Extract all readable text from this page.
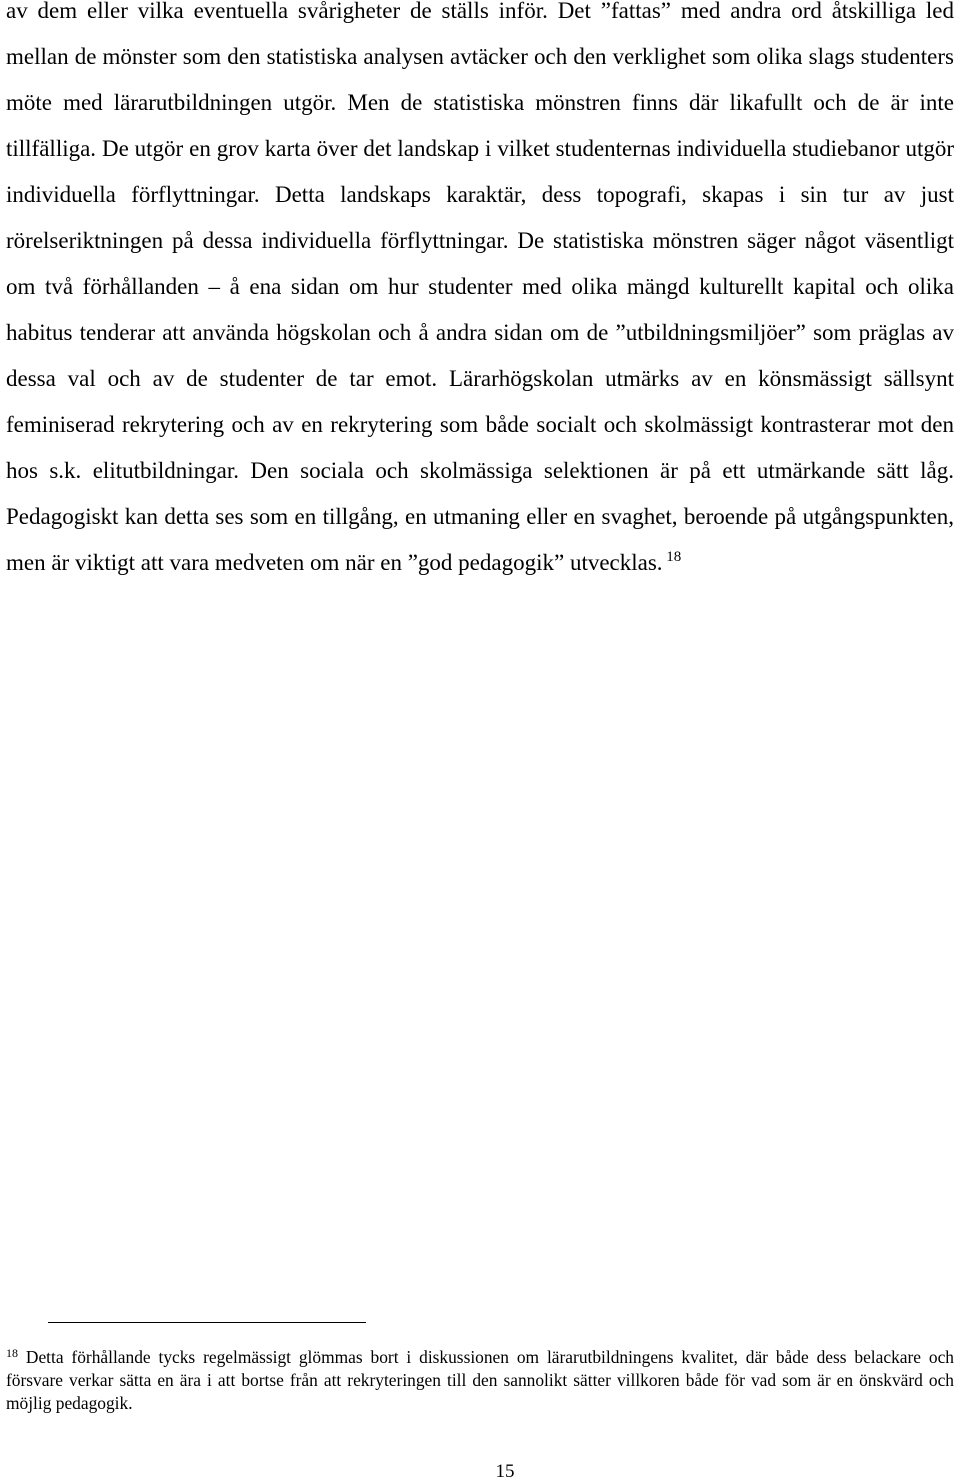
av dem eller vilka eventuella svårigheter de ställs inför. Det ”fattas” med andra ord åtskilliga led mellan de mönster som den statistiska analysen avtäcker och den verklighet som olika slags studenters möte med lärarutbildningen utgör. Men de statistiska mönstren finns där likafullt och de är inte tillfälliga. De utgör en grov karta över det landskap i vilket studenternas individuella studiebanor utgör individuella förflyttningar. Detta landskaps karaktär, dess topografi, skapas i sin tur av just rörelseriktningen på dessa individuella förflyttningar. De statistiska mönstren säger något väsentligt om två förhållanden – å ena sidan om hur studenter med olika mängd kulturellt kapital och olika habitus tenderar att använda högskolan och å andra sidan om de ”utbildningsmiljöer” som präglas av dessa val och av de studenter de tar emot. Lärarhögskolan utmärks av en könsmässigt sällsynt feminiserad rekrytering och av en rekrytering som både socialt och skolmässigt kontrasterar mot den hos s.k. elitutbildningar. Den sociala och skolmässiga selektionen är på ett utmärkande sätt låg. Pedagogiskt kan detta ses som en tillgång, en utmaning eller en svaghet, beroende på utgångspunkten, men är viktigt att vara medveten om när en ”god pedagogik” utvecklas. $^{18}$

$^{18}$ Detta förhållande tycks regelmässigt glömmas bort i diskussionen om lärarutbildningens kvalitet, där både dess belackare och försvare verkar sätta en ära i att bortse från att rekryteringen till den sannolikt sätter villkoren både för vad som är en önskvärd och möjlig pedagogik.

15
